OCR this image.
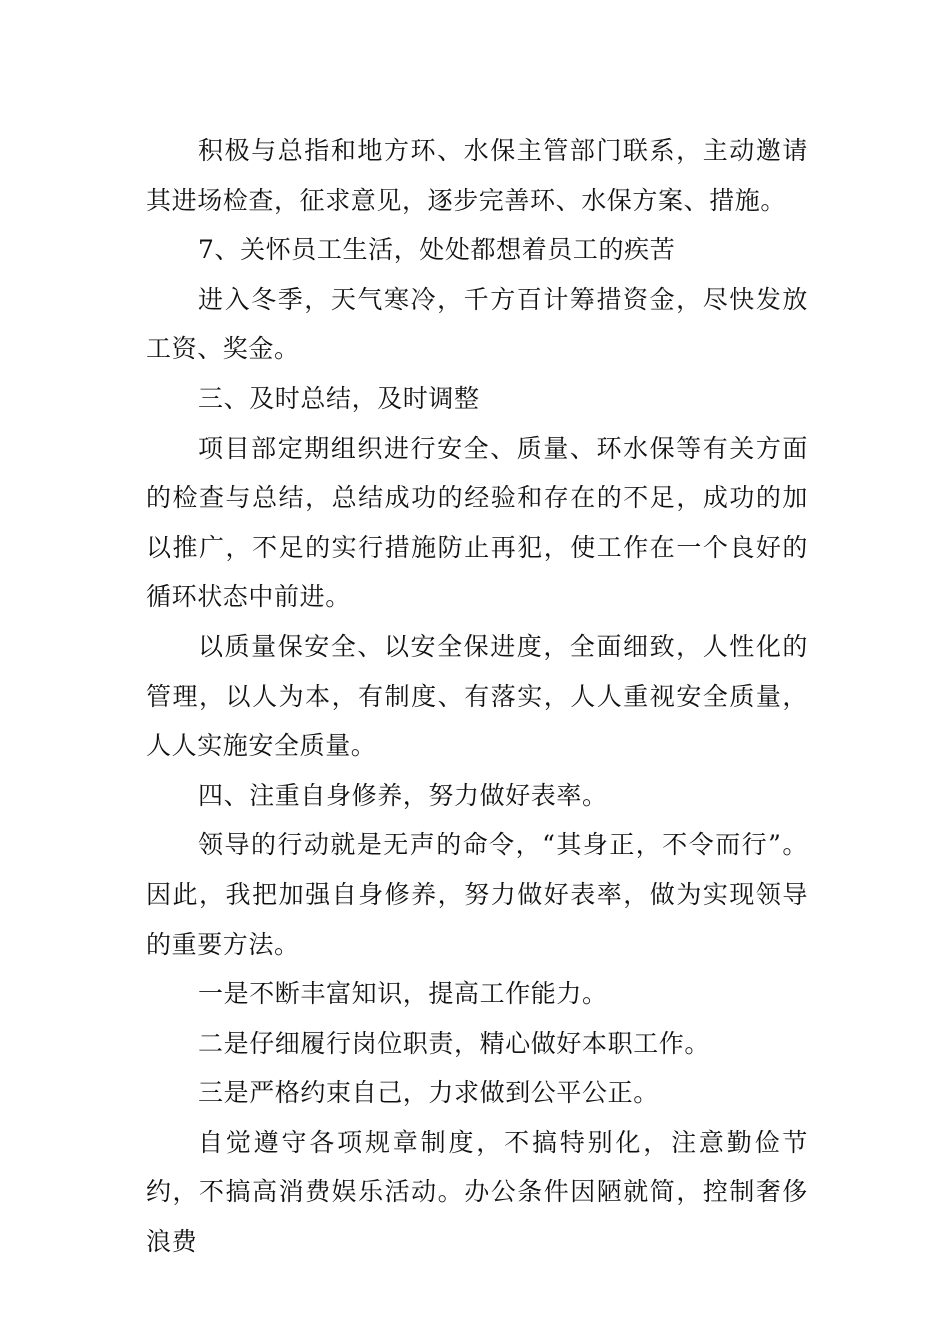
积极与总指和地方环、水保主管部门联系，主动邀请其进场检查，征求意见，逐步完善环、水保方案、措施。

7、关怀员工生活，处处都想着员工的疾苦

进入冬季，天气寒冷，千方百计筹措资金，尽快发放工资、奖金。

三、及时总结，及时调整

项目部定期组织进行安全、质量、环水保等有关方面的检查与总结，总结成功的经验和存在的不足，成功的加以推广，不足的实行措施防止再犯，使工作在一个良好的循环状态中前进。

以质量保安全、以安全保进度，全面细致，人性化的管理，以人为本，有制度、有落实，人人重视安全质量，人人实施安全质量。

四、注重自身修养，努力做好表率。

领导的行动就是无声的命令，“其身正，不令而行”。因此，我把加强自身修养，努力做好表率，做为实现领导的重要方法。

一是不断丰富知识，提高工作能力。

二是仔细履行岗位职责，精心做好本职工作。

三是严格约束自己，力求做到公平公正。

自觉遵守各项规章制度，不搞特别化，注意勤俭节约，不搞高消费娱乐活动。办公条件因陋就简，控制奢侈浪费
